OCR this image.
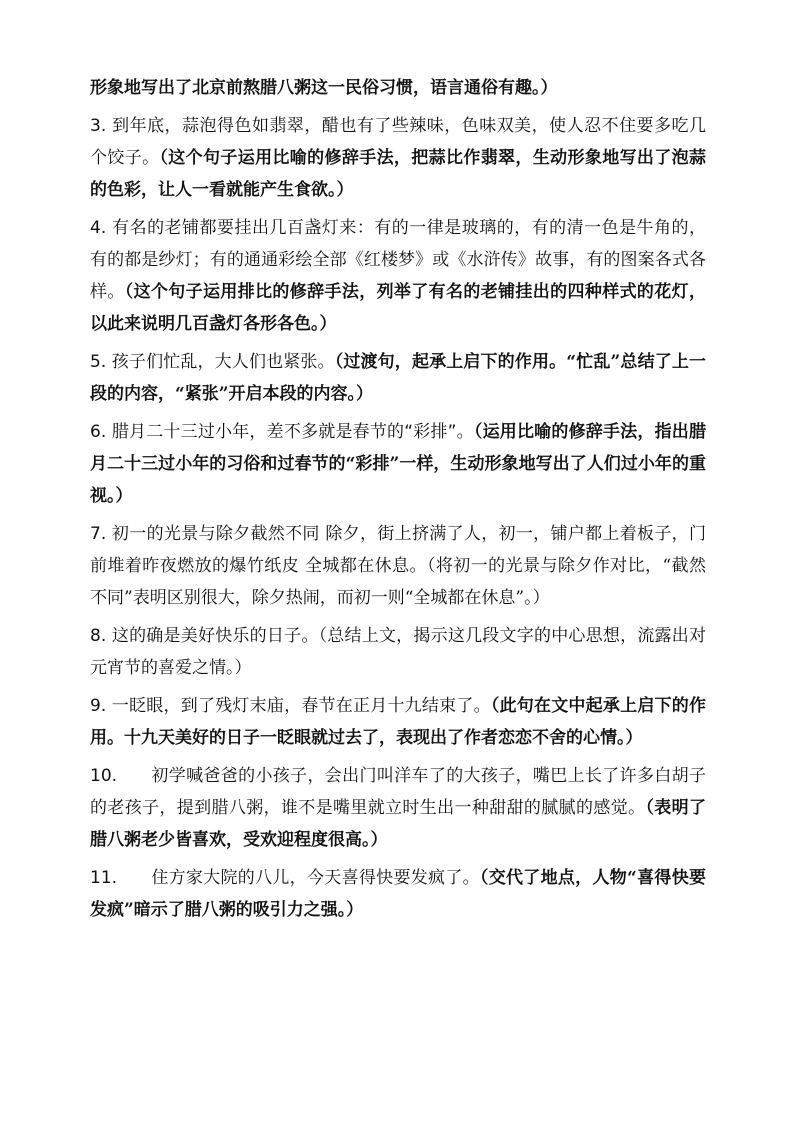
形象地写出了北京前熬腊八粥这一民俗习惯，语言通俗有趣。）

3. 到年底，蒜泡得色如翡翠，醋也有了些辣味，色味双美，使人忍不住要多吃几个饺子。（这个句子运用比喻的修辞手法，把蒜比作翡翠，生动形象地写出了泡蒜的色彩，让人一看就能产生食欲。）

4. 有名的老铺都要挂出几百盏灯来：有的一律是玻璃的，有的清一色是牛角的，有的都是纱灯；有的通通彩绘全部《红楼梦》或《水浒传》故事，有的图案各式各样。（这个句子运用排比的修辞手法，列举了有名的老铺挂出的四种样式的花灯，以此来说明几百盏灯各形各色。）

5. 孩子们忙乱，大人们也紧张。（过渡句，起承上启下的作用。“忙乱”总结了上一段的内容，“紧张”开启本段的内容。）

6. 腊月二十三过小年，差不多就是春节的“彩排”。（运用比喻的修辞手法，指出腊月二十三过小年的习俗和过春节的“彩排”一样，生动形象地写出了人们过小年的重视。）

7. 初一的光景与除夕截然不同 除夕，街上挤满了人，初一，铺户都上着板子，门前堆着昨夜燃放的爆竹纸皮 全城都在休息。（将初一的光景与除夕作对比，“截然不同”表明区别很大，除夕热闹，而初一则“全城都在休息”。）

8. 这的确是美好快乐的日子。（总结上文，揭示这几段文字的中心思想，流露出对元宵节的喜爱之情。）

9. 一眨眼，到了残灯末庙，春节在正月十九结束了。（此句在文中起承上启下的作用。十九天美好的日子一眨眼就过去了，表现出了作者恋恋不舍的心情。）

10. 初学喊爸爸的小孩子，会出门叫洋车了的大孩子，嘴巴上长了许多白胡子的老孩子，提到腊八粥，谁不是嘴里就立时生出一种甜甜的腻腻的感觉。（表明了腊八粥老少皆喜欢，受欢迎程度很高。）

11. 住方家大院的八儿，今天喜得快要发疯了。（交代了地点，人物“喜得快要发疯”暗示了腊八粥的吸引力之强。）
